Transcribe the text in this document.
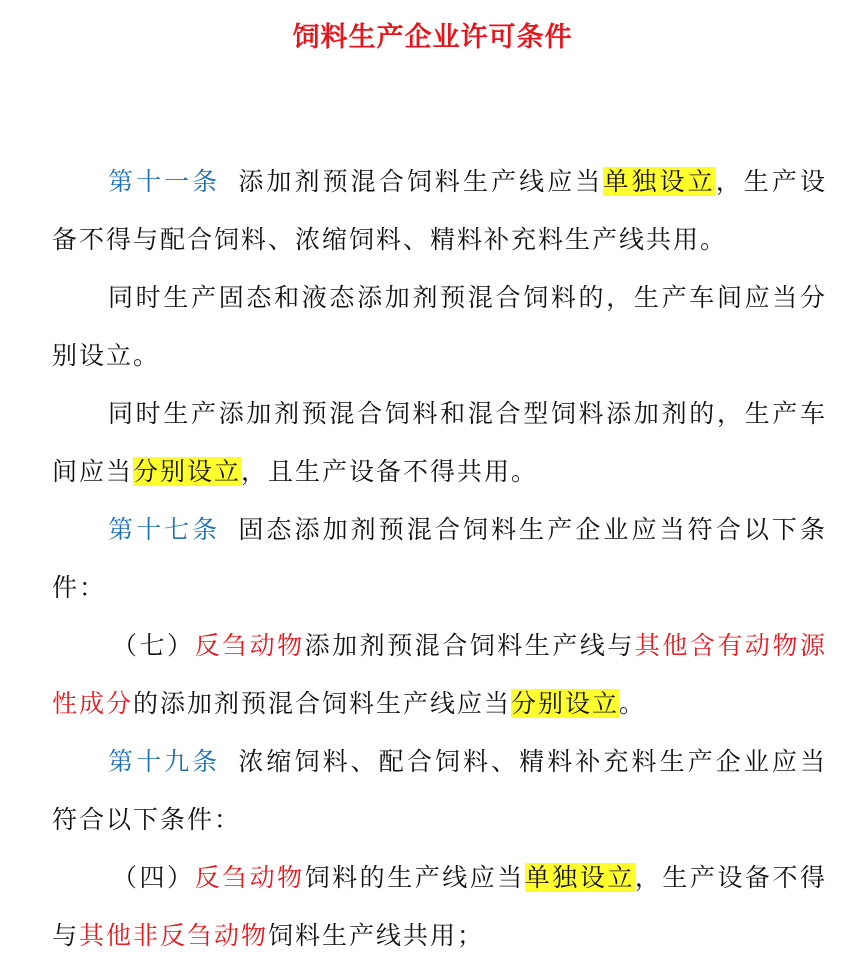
饲料生产企业许可条件

第十一条 添加剂预混合饲料生产线应当单独设立，生产设备不得与配合饲料、浓缩饲料、精料补充料生产线共用。

同时生产固态和液态添加剂预混合饲料的，生产车间应当分别设立。

同时生产添加剂预混合饲料和混合型饲料添加剂的，生产车间应当分别设立，且生产设备不得共用。

第十七条 固态添加剂预混合饲料生产企业应当符合以下条件：

（七）反刍动物添加剂预混合饲料生产线与其他含有动物源性成分的添加剂预混合饲料生产线应当分别设立。

第十九条 浓缩饲料、配合饲料、精料补充料生产企业应当符合以下条件：

（四）反刍动物饲料的生产线应当单独设立，生产设备不得与其他非反刍动物饲料生产线共用；
